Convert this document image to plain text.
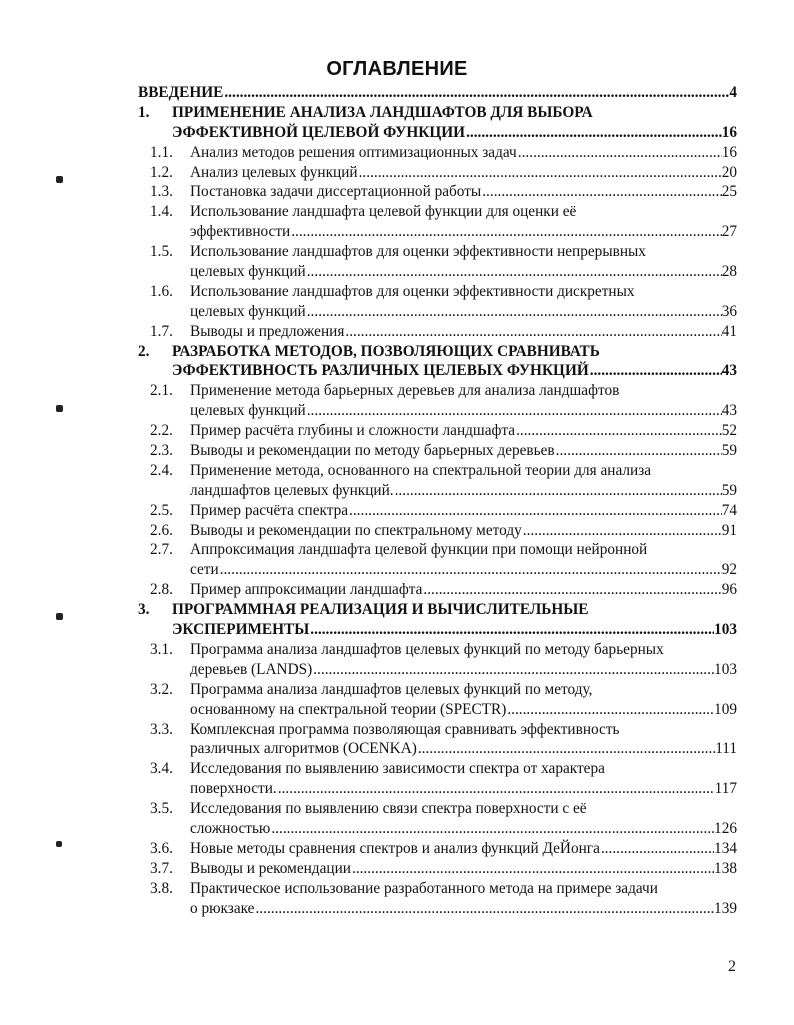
ОГЛАВЛЕНИЕ
ВВЕДЕНИЕ .....	4
1.	ПРИМЕНЕНИЕ АНАЛИЗА ЛАНДШАФТОВ ДЛЯ ВЫБОРА
ЭФФЕКТИВНОЙ ЦЕЛЕВОЙ ФУНКЦИИ .....	16
1.1.	Анализ методов решения оптимизационных задач .....	16
1.2.	Анализ целевых функций .....	20
1.3.	Постановка задачи диссертационной работы .....	25
1.4.	Использование ландшафта целевой функции для оценки её
эффективности .....	27
1.5.	Использование ландшафтов для оценки эффективности непрерывных
целевых функций .....	28
1.6.	Использование ландшафтов для оценки эффективности дискретных
целевых функций .....	36
1.7.	Выводы и предложения .....	41
2.	РАЗРАБОТКА МЕТОДОВ, ПОЗВОЛЯЮЩИХ СРАВНИВАТЬ
ЭФФЕКТИВНОСТЬ РАЗЛИЧНЫХ ЦЕЛЕВЫХ ФУНКЦИЙ .....	43
2.1.	Применение метода барьерных деревьев для анализа ландшафтов
целевых функций .....	43
2.2.	Пример расчёта глубины и сложности ландшафта .....	52
2.3.	Выводы и рекомендации по методу барьерных деревьев .....	59
2.4.	Применение метода, основанного на спектральной теории для анализа
ландшафтов целевых функций. .....	59
2.5.	Пример расчёта спектра .....	74
2.6.	Выводы и рекомендации по спектральному методу .....	91
2.7.	Аппроксимация ландшафта целевой функции при помощи нейронной
сети .....	92
2.8.	Пример аппроксимации ландшафта .....	96
3.	ПРОГРАММНАЯ РЕАЛИЗАЦИЯ И ВЫЧИСЛИТЕЛЬНЫЕ
ЭКСПЕРИМЕНТЫ .....	103
3.1.	Программа анализа ландшафтов целевых функций по методу барьерных
деревьев (LANDS) .....	103
3.2.	Программа анализа ландшафтов целевых функций по методу,
основанному на спектральной теории (SPECTR) .....	109
3.3.	Комплексная программа позволяющая сравнивать эффективность
различных алгоритмов (OCENKA) .....	111
3.4.	Исследования по выявлению зависимости спектра от характера
поверхности. .....	117
3.5.	Исследования по выявлению связи спектра поверхности с её
сложностью .....	126
3.6.	Новые методы сравнения спектров и анализ функций ДеЙонга .....	134
3.7.	Выводы и рекомендации .....	138
3.8.	Практическое использование разработанного метода на примере задачи
о рюкзаке .....	139
2
